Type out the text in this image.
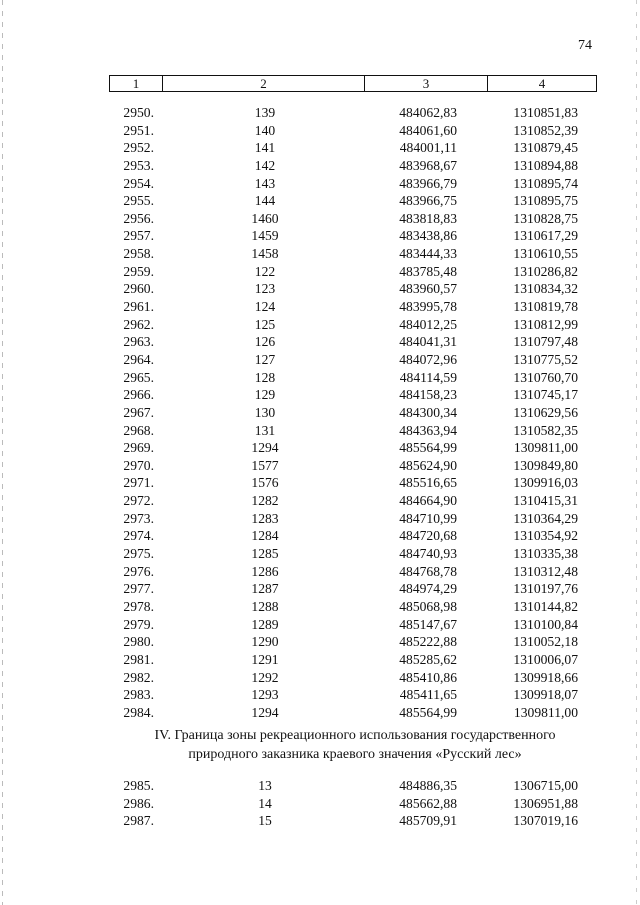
74
1	2	3	4
2950.	139	484062,83	1310851,83
2951.	140	484061,60	1310852,39
2952.	141	484001,11	1310879,45
2953.	142	483968,67	1310894,88
2954.	143	483966,79	1310895,74
2955.	144	483966,75	1310895,75
2956.	1460	483818,83	1310828,75
2957.	1459	483438,86	1310617,29
2958.	1458	483444,33	1310610,55
2959.	122	483785,48	1310286,82
2960.	123	483960,57	1310834,32
2961.	124	483995,78	1310819,78
2962.	125	484012,25	1310812,99
2963.	126	484041,31	1310797,48
2964.	127	484072,96	1310775,52
2965.	128	484114,59	1310760,70
2966.	129	484158,23	1310745,17
2967.	130	484300,34	1310629,56
2968.	131	484363,94	1310582,35
2969.	1294	485564,99	1309811,00
2970.	1577	485624,90	1309849,80
2971.	1576	485516,65	1309916,03
2972.	1282	484664,90	1310415,31
2973.	1283	484710,99	1310364,29
2974.	1284	484720,68	1310354,92
2975.	1285	484740,93	1310335,38
2976.	1286	484768,78	1310312,48
2977.	1287	484974,29	1310197,76
2978.	1288	485068,98	1310144,82
2979.	1289	485147,67	1310100,84
2980.	1290	485222,88	1310052,18
2981.	1291	485285,62	1310006,07
2982.	1292	485410,86	1309918,66
2983.	1293	485411,65	1309918,07
2984.	1294	485564,99	1309811,00
IV. Граница зоны рекреационного использования государственного
природного заказника краевого значения «Русский лес»
2985.	13	484886,35	1306715,00
2986.	14	485662,88	1306951,88
2987.	15	485709,91	1307019,16
